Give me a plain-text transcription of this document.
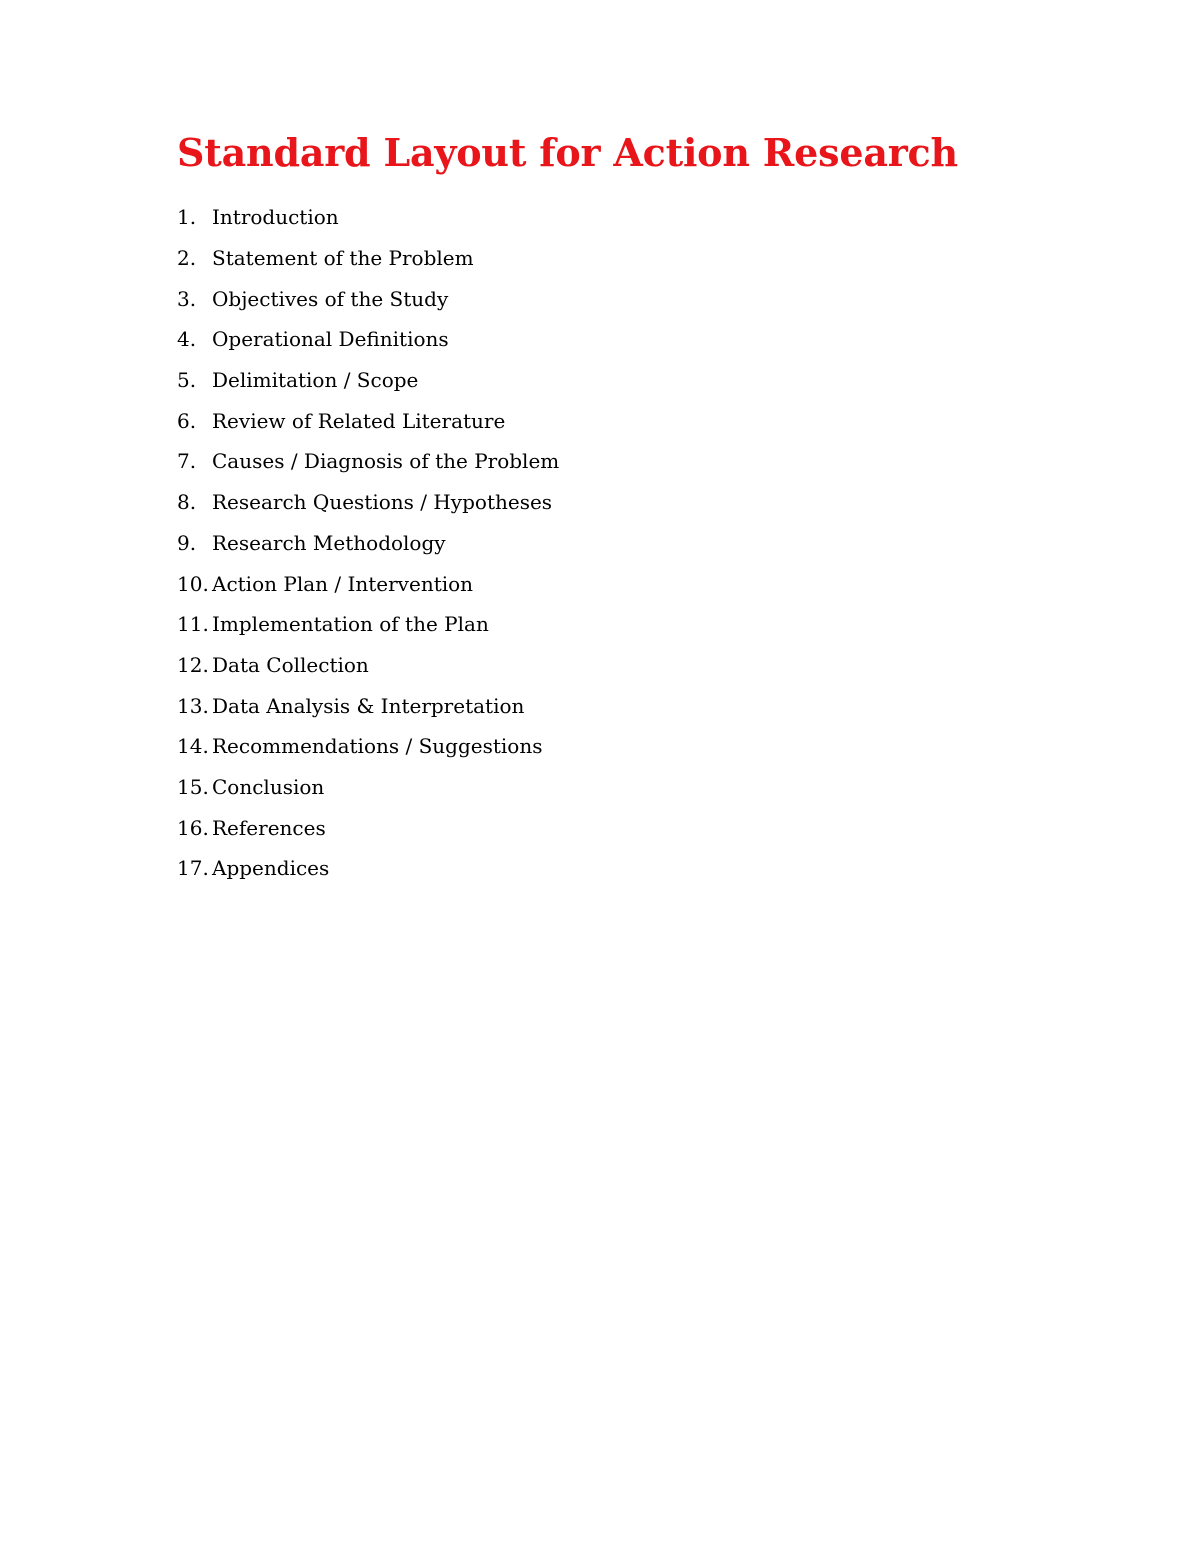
Standard Layout for Action Research
1. Introduction
2. Statement of the Problem
3. Objectives of the Study
4. Operational Definitions
5. Delimitation / Scope
6. Review of Related Literature
7. Causes / Diagnosis of the Problem
8. Research Questions / Hypotheses
9. Research Methodology
10. Action Plan / Intervention
11. Implementation of the Plan
12. Data Collection
13. Data Analysis & Interpretation
14. Recommendations / Suggestions
15. Conclusion
16. References
17. Appendices
